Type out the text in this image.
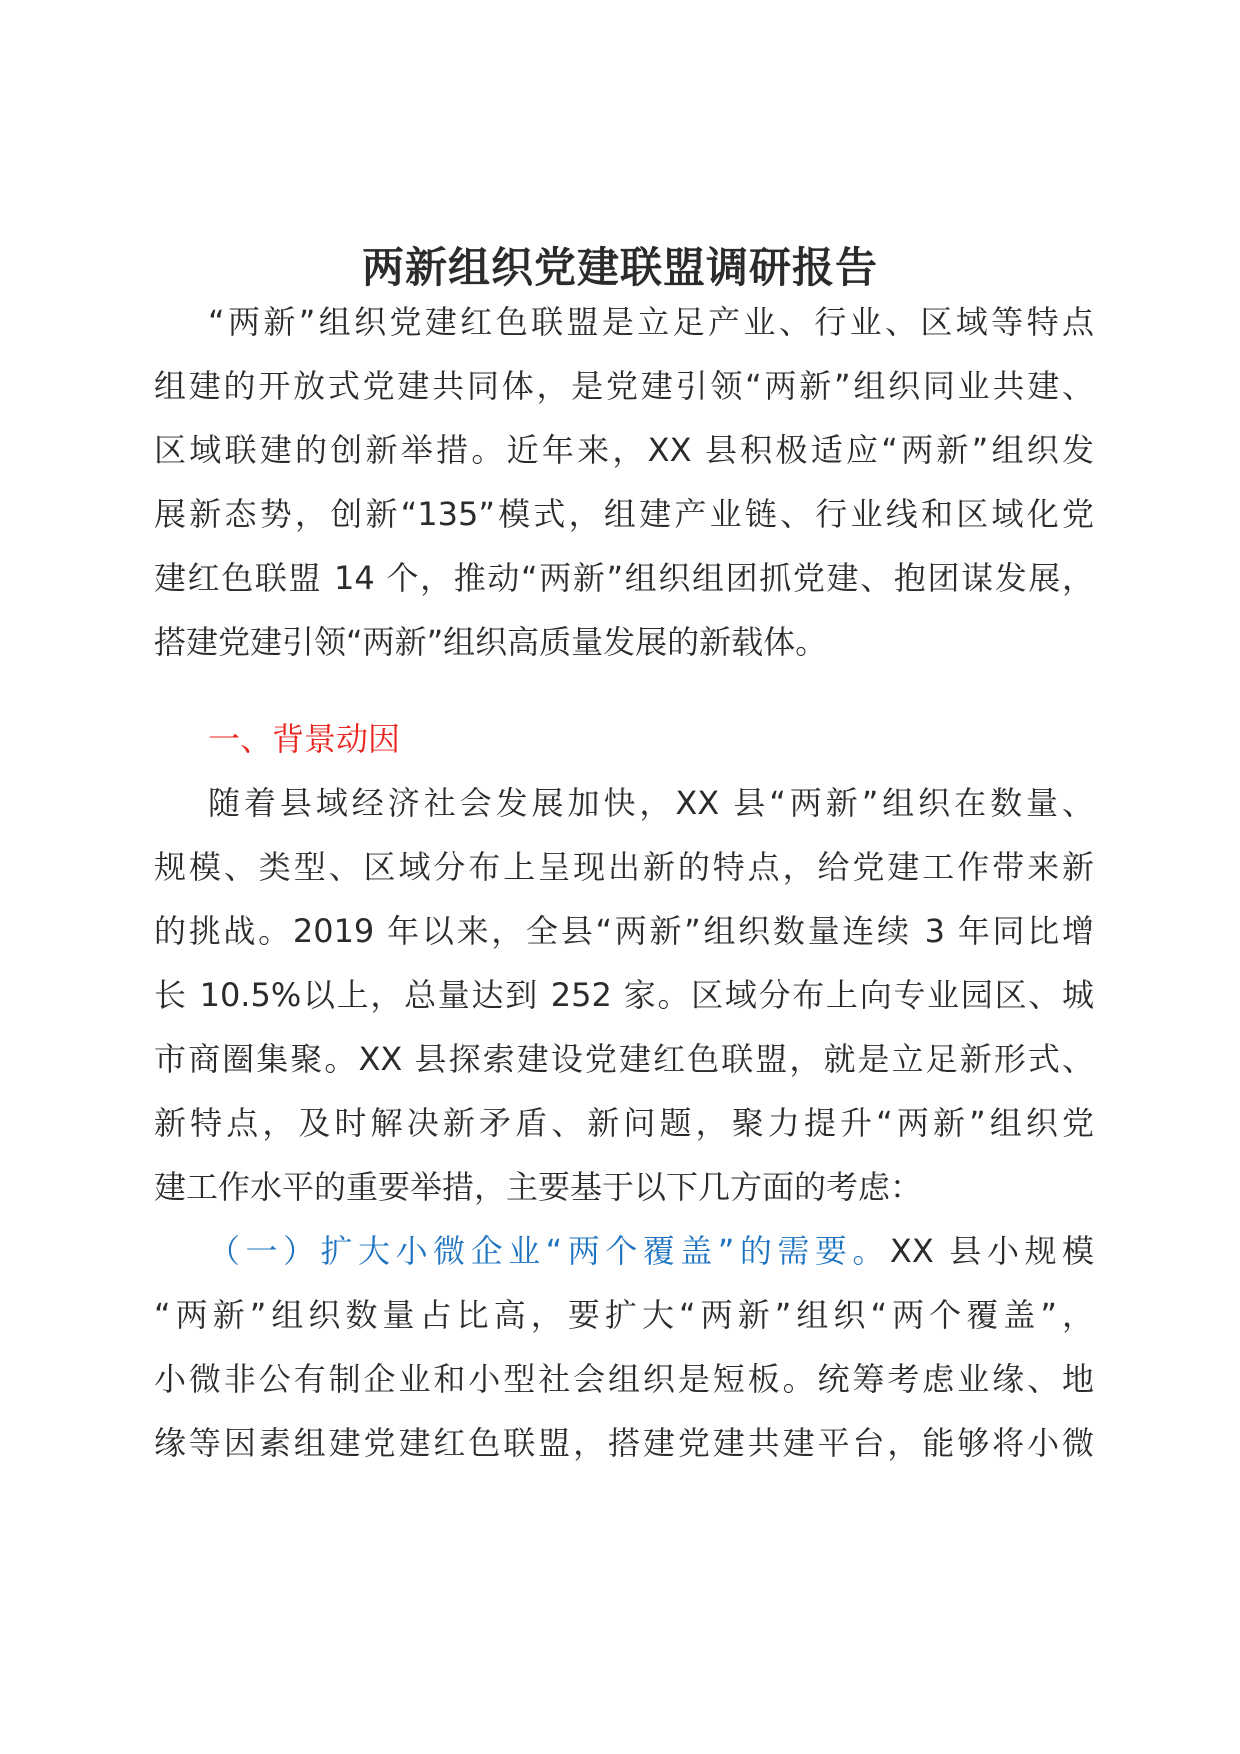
两新组织党建联盟调研报告
“两新”组织党建红色联盟是立足产业、行业、区域等特点
组建的开放式党建共同体，是党建引领“两新”组织同业共建、
区域联建的创新举措。近年来，XX 县积极适应“两新”组织发
展新态势，创新“135”模式，组建产业链、行业线和区域化党
建红色联盟 14 个，推动“两新”组织组团抓党建、抱团谋发展，
搭建党建引领“两新”组织高质量发展的新载体。
一、背景动因
随着县域经济社会发展加快，XX 县“两新”组织在数量、
规模、类型、区域分布上呈现出新的特点，给党建工作带来新
的挑战。2019 年以来，全县“两新”组织数量连续 3 年同比增
长 10.5%以上，总量达到 252 家。区域分布上向专业园区、城
市商圈集聚。XX 县探索建设党建红色联盟，就是立足新形式、
新特点，及时解决新矛盾、新问题，聚力提升“两新”组织党
建工作水平的重要举措，主要基于以下几方面的考虑：
（一）扩大小微企业“两个覆盖”的需要。XX 县小规模
“两新”组织数量占比高，要扩大“两新”组织“两个覆盖”，
小微非公有制企业和小型社会组织是短板。统筹考虑业缘、地
缘等因素组建党建红色联盟，搭建党建共建平台，能够将小微
